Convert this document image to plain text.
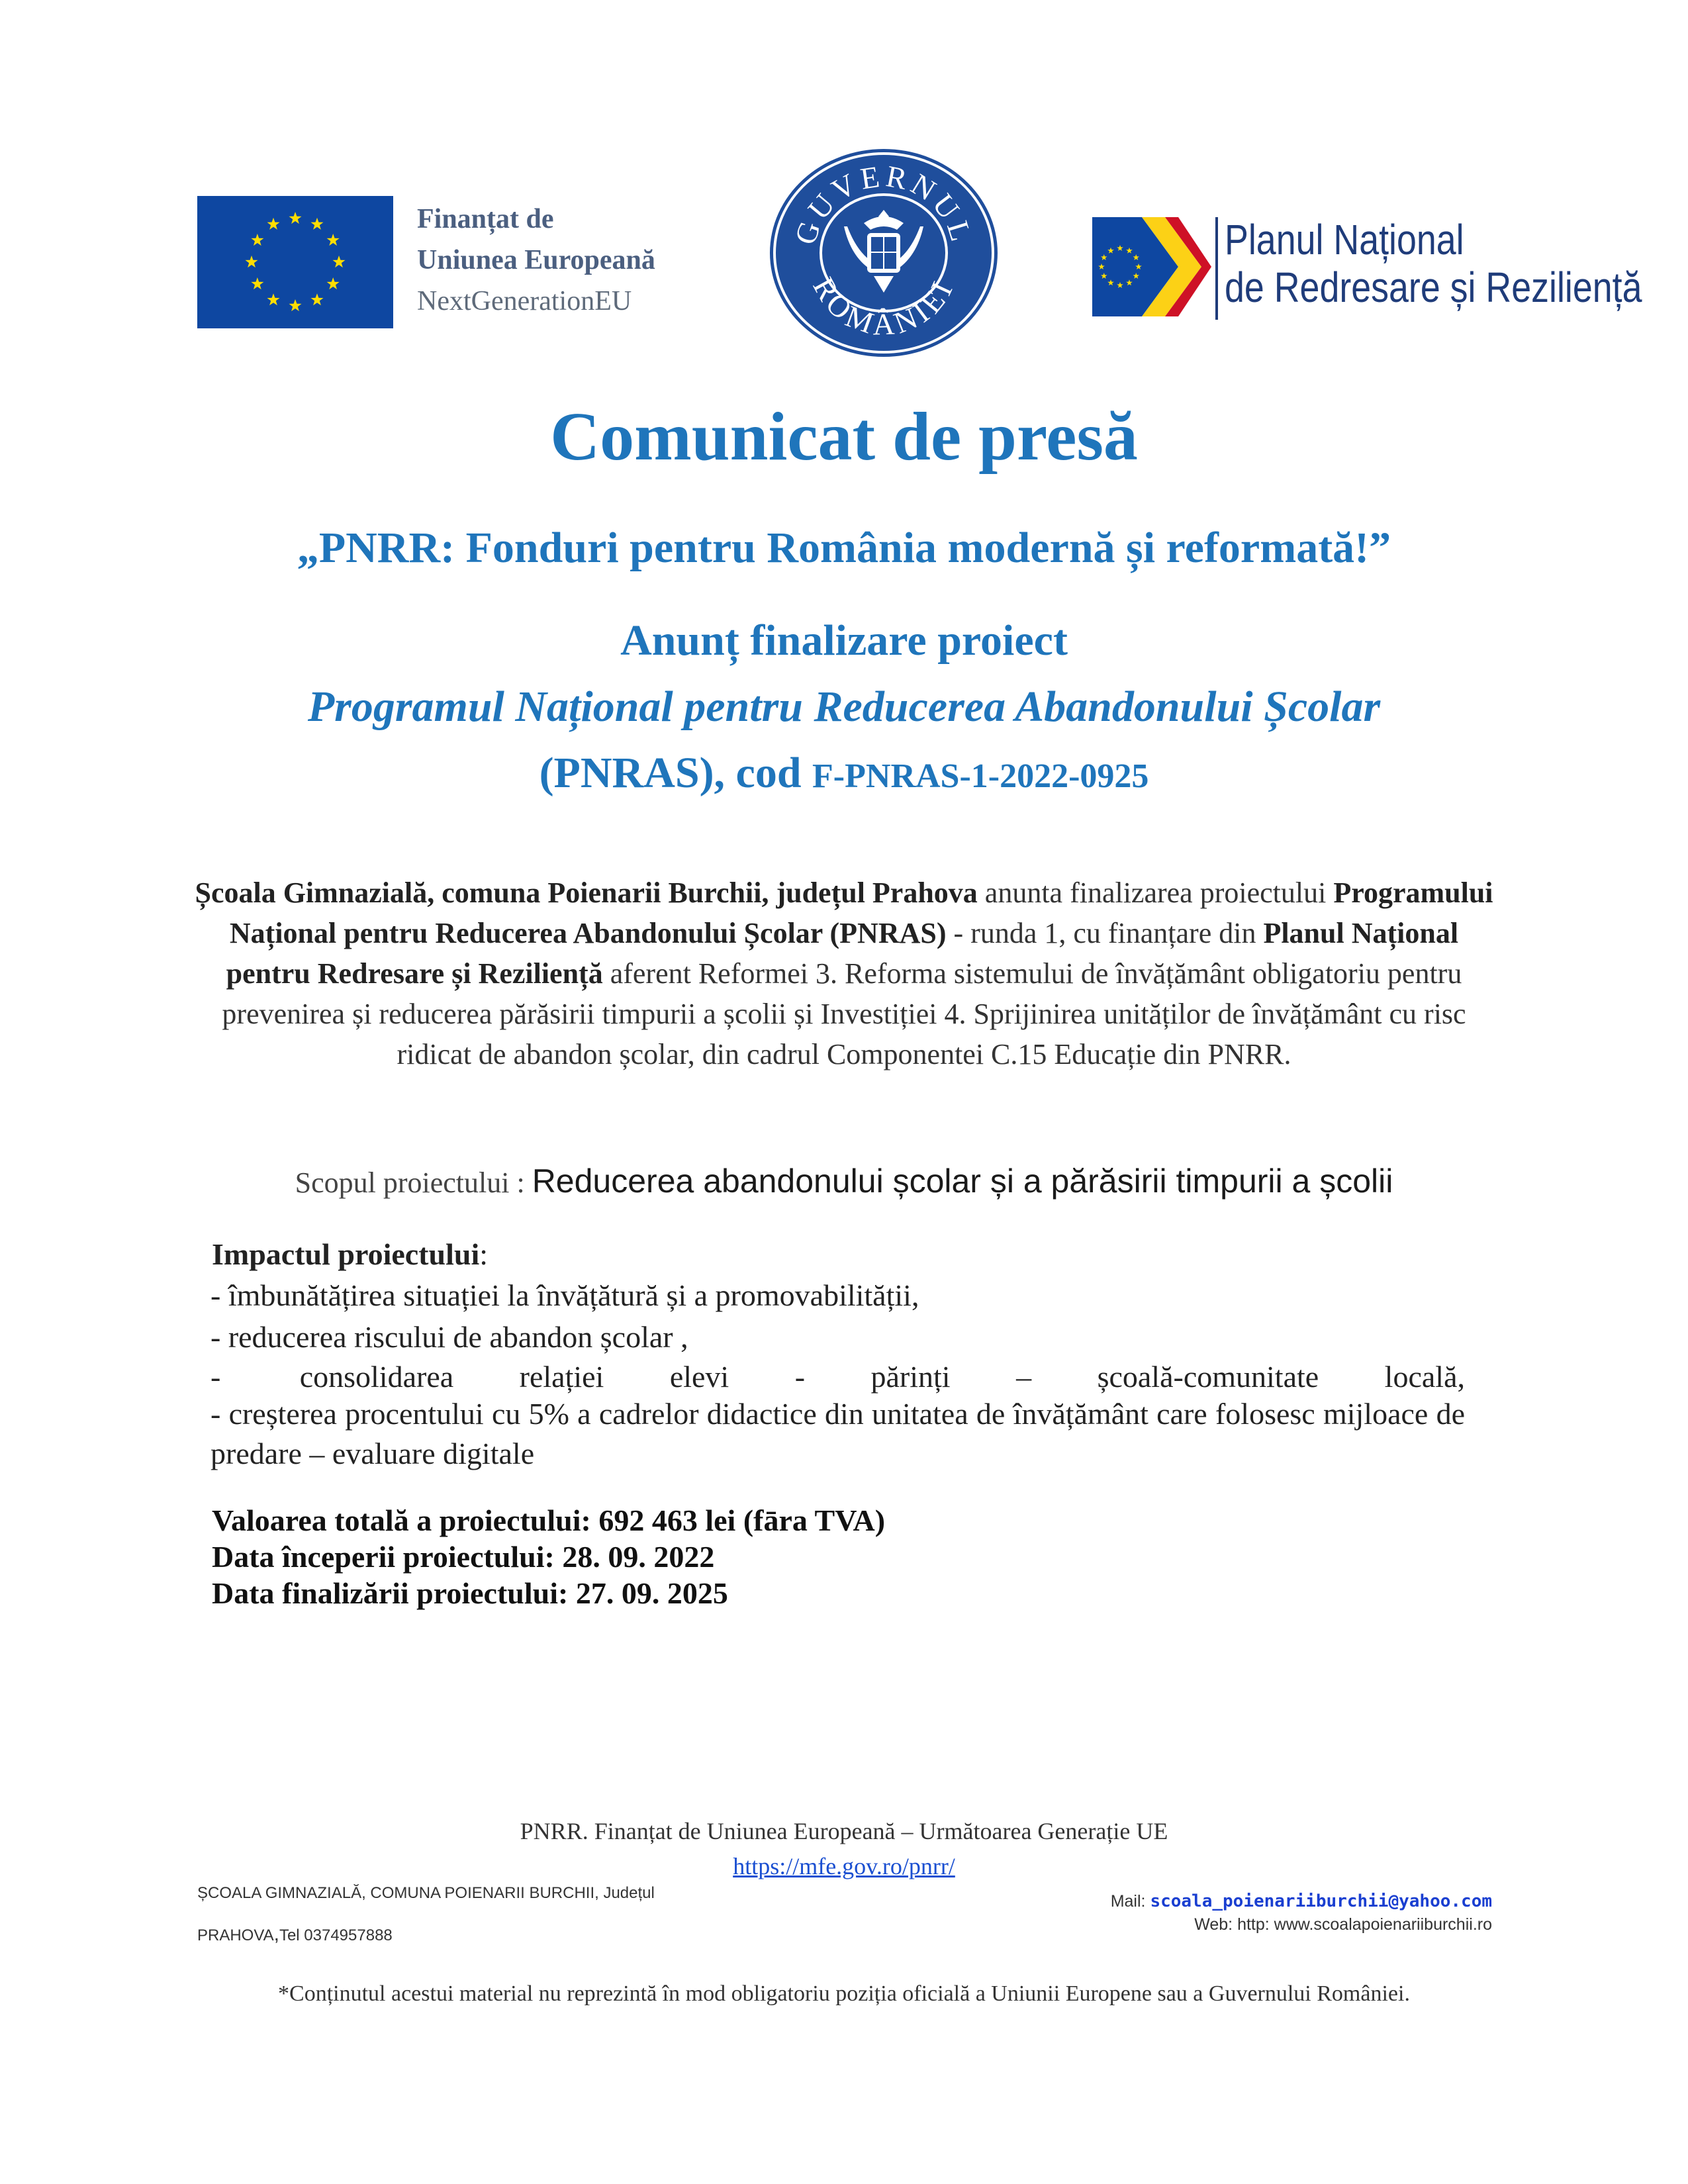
Finanțat de
Uniunea Europeană
NextGenerationEU
GUVERNUL
ROMÂNIEI
Planul Național
de Redresare și Reziliență
Comunicat de presă
„PNRR: Fonduri pentru România modernă și reformată!”
Anunț finalizare proiect
Programul Național pentru Reducerea Abandonului Școlar
(PNRAS), cod F-PNRAS-1-2022-0925
Școala Gimnazială, comuna Poienarii Burchii, județul Prahova anunta finalizarea proiectului Programului Național pentru Reducerea Abandonului Școlar (PNRAS) - runda 1, cu finanțare din Planul Național pentru Redresare și Reziliență aferent Reformei 3. Reforma sistemului de învățământ obligatoriu pentru prevenirea și reducerea părăsirii timpurii a școlii și Investiției 4. Sprijinirea unităților de învățământ cu risc ridicat de abandon școlar, din cadrul Componentei C.15 Educație din PNRR.
Scopul proiectului : Reducerea abandonului școlar și a părăsirii timpurii a școlii
Impactul proiectului:
- îmbunătățirea situației la învățătură și a promovabilității,
- reducerea riscului de abandon școlar ,
-      consolidarea     relației     elevi     -     părinți     –     școală-comunitate     locală,
- creșterea procentului cu 5% a cadrelor didactice din unitatea de învățământ care folosesc mijloace de predare – evaluare digitale
Valoarea totală a proiectului: 692 463 lei (fāra TVA)
Data începerii proiectului: 28. 09. 2022
Data finalizării proiectului: 27. 09. 2025
PNRR. Finanțat de Uniunea Europeană – Următoarea Generație UE
https://mfe.gov.ro/pnrr/
ȘCOALA GIMNAZIALĂ, COMUNA POIENARII BURCHII, Județul
PRAHOVA,Tel 0374957888
Mail: scoala_poienariiburchii@yahoo.com
Web: http: www.scoalapoienariiburchii.ro
*Conținutul acestui material nu reprezintă în mod obligatoriu poziția oficială a Uniunii Europene sau a Guvernului României.
